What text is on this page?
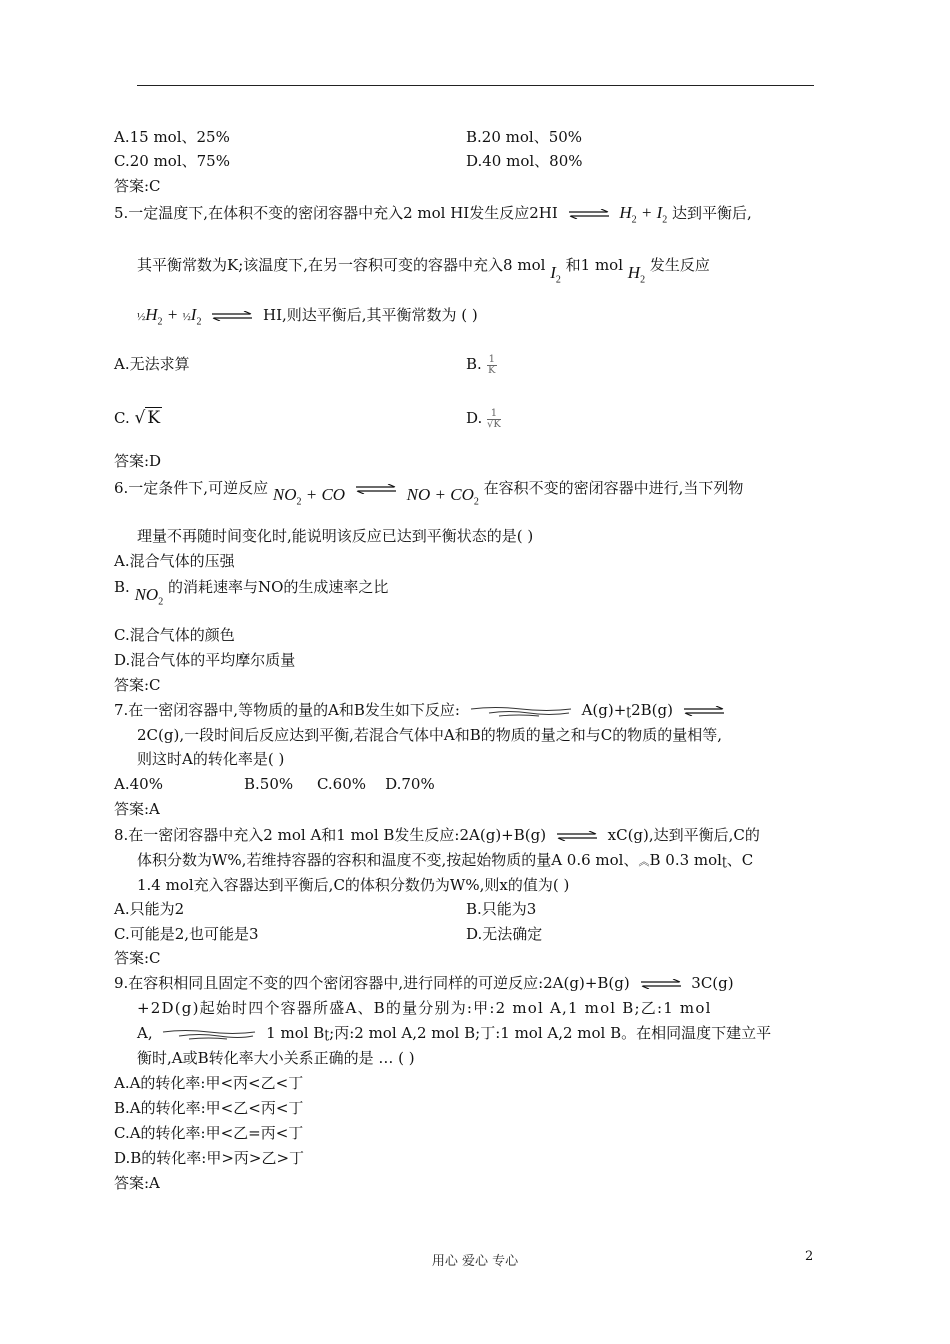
A.15 mol、25%	B.20 mol、50%
C.20 mol、75%	D.40 mol、80%
答案:C
5.一定温度下,在体积不变的密闭容器中充入2 mol HI发生反应2HI ⇌ $H_2 + I_2$ 达到平衡后,
其平衡常数为K;该温度下,在另一容积可变的容器中充入8 mol $I_2$ 和1 mol $H_2$ 发生反应
$\frac{1}{2}H_2$ + $\frac{1}{2}I_2$ ⇌ HI,则达平衡后,其平衡常数为 ( )
A.无法求算	B. $\frac{1}{K}$
C. √ K	D. $\frac{1}{√K}$
答案:D
6.一定条件下,可逆反应 $NO_2$ + CO ⇌ NO + $CO_2$ 在容积不变的密闭容器中进行,当下列物
理量不再随时间变化时,能说明该反应已达到平衡状态的是( )
A.混合气体的压强
B. $NO_2$ 的消耗速率与NO的生成速率之比
C.混合气体的颜色
D.混合气体的平均摩尔质量
答案:C
7.在一密闭容器中,等物质的量的A和B发生如下反应:	A(g)+ʈ2B(g) ⇌
2C(g),一段时间后反应达到平衡,若混合气体中A和B的物质的量之和与C的物质的量相等,
则这时A的转化率是( )
A.40%                 B.50%     C.60%    D.70%
答案:A
8.在一密闭容器中充入2 mol A和1 mol B发生反应:2A(g)+B(g) ⇌ xC(g),达到平衡后,C的
体积分数为W%,若维持容器的容积和温度不变,按起始物质的量A 0.6 mol、︽B 0.3 molʈ、C
1.4 mol充入容器达到平衡后,C的体积分数仍为W%,则x的值为( )
A.只能为2	B.只能为3
C.可能是2,也可能是3	D.无法确定
答案:C
9.在容积相同且固定不变的四个密闭容器中,进行同样的可逆反应:2A(g)+B(g) ⇌ 3C(g)
+2D(g)起始时四个容器所盛A、B的量分别为:甲:2 mol A,1 mol B;乙:1 mol
A,	1 mol Bʈ;丙:2 mol A,2 mol B;丁:1 mol A,2 mol B。在相同温度下建立平
衡时,A或B转化率大小关系正确的是 … ( )
A.A的转化率:甲<丙<乙<丁
B.A的转化率:甲<乙<丙<丁
C.A的转化率:甲<乙=丙<丁
D.B的转化率:甲>丙>乙>丁
答案:A
用心 爱心 专心	2
